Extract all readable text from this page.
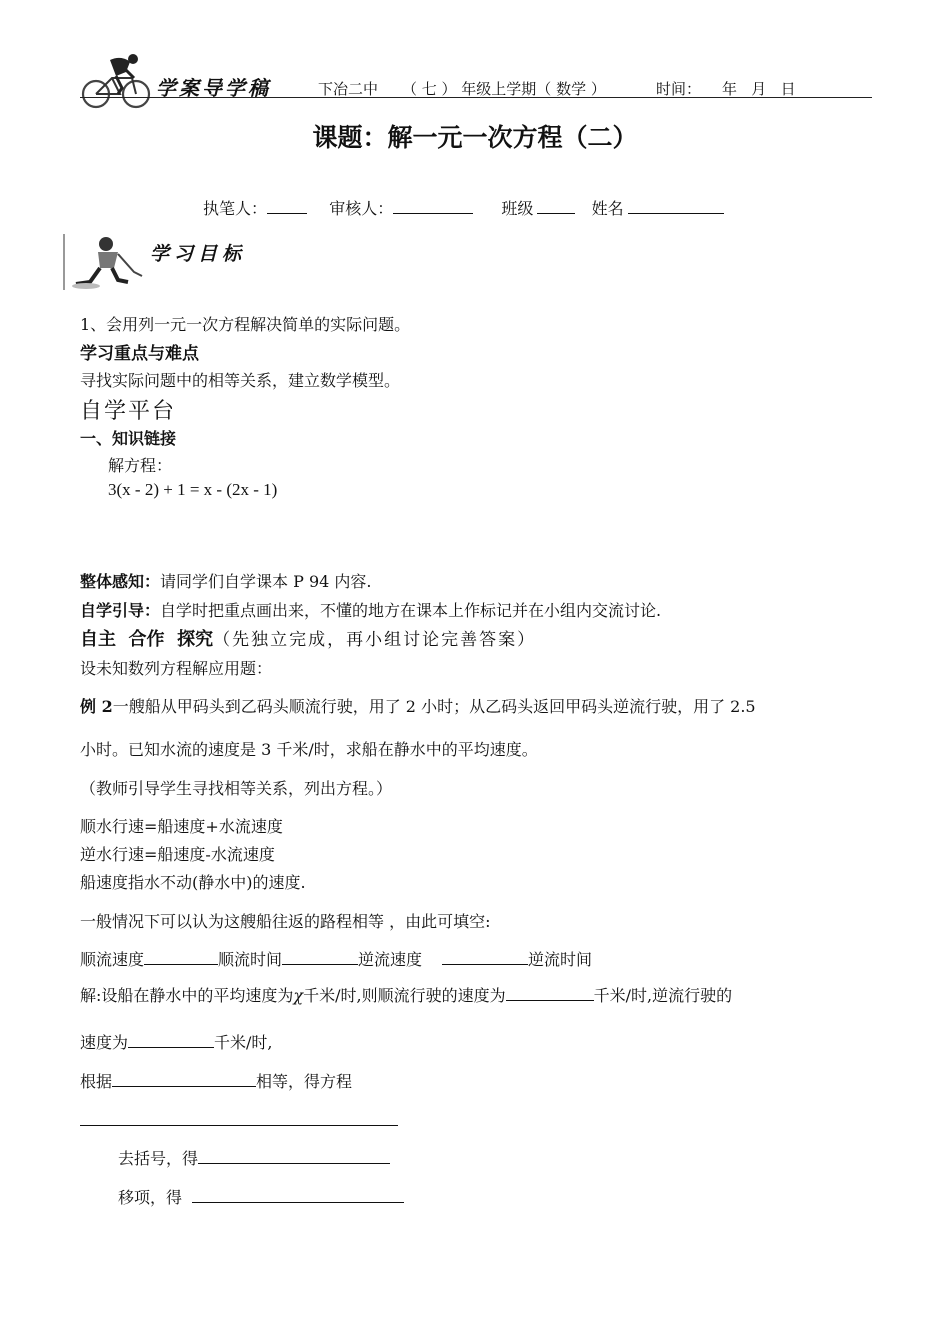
学案导学稿	下冶二中 （ 七 ） 年级上学期（ 数学 ）	时间： 年   月   日
课题：解一元一次方程（二）
执笔人：	审核人：	班级	姓名
学习目标
1、会用列一元一次方程解决简单的实际问题。
学习重点与难点
寻找实际问题中的相等关系，建立数学模型。
自学平台
一、知识链接
解方程：
3(x - 2) + 1 = x - (2x - 1)
整体感知：请同学们自学课本 P 94 内容.
自学引导：自学时把重点画出来，不懂的地方在课本上作标记并在小组内交流讨论.
自主  合作  探究（先独立完成，再小组讨论完善答案）
设未知数列方程解应用题：
例 2一艘船从甲码头到乙码头顺流行驶，用了 2 小时；从乙码头返回甲码头逆流行驶，用了 2.5
小时。已知水流的速度是 3 千米/时，求船在静水中的平均速度。
（教师引导学生寻找相等关系，列出方程。）
顺水行速=船速度+水流速度
逆水行速=船速度-水流速度
船速度指水不动(静水中)的速度.
一般情况下可以认为这艘船往返的路程相等 ，由此可填空:
顺流速度	顺流时间	逆流速度	逆流时间
解:设船在静水中的平均速度为χ千米/时,则顺流行驶的速度为	千米/时,逆流行驶的
速度为	千米/时,
根据	相等，得方程
去括号，得
移项，得
